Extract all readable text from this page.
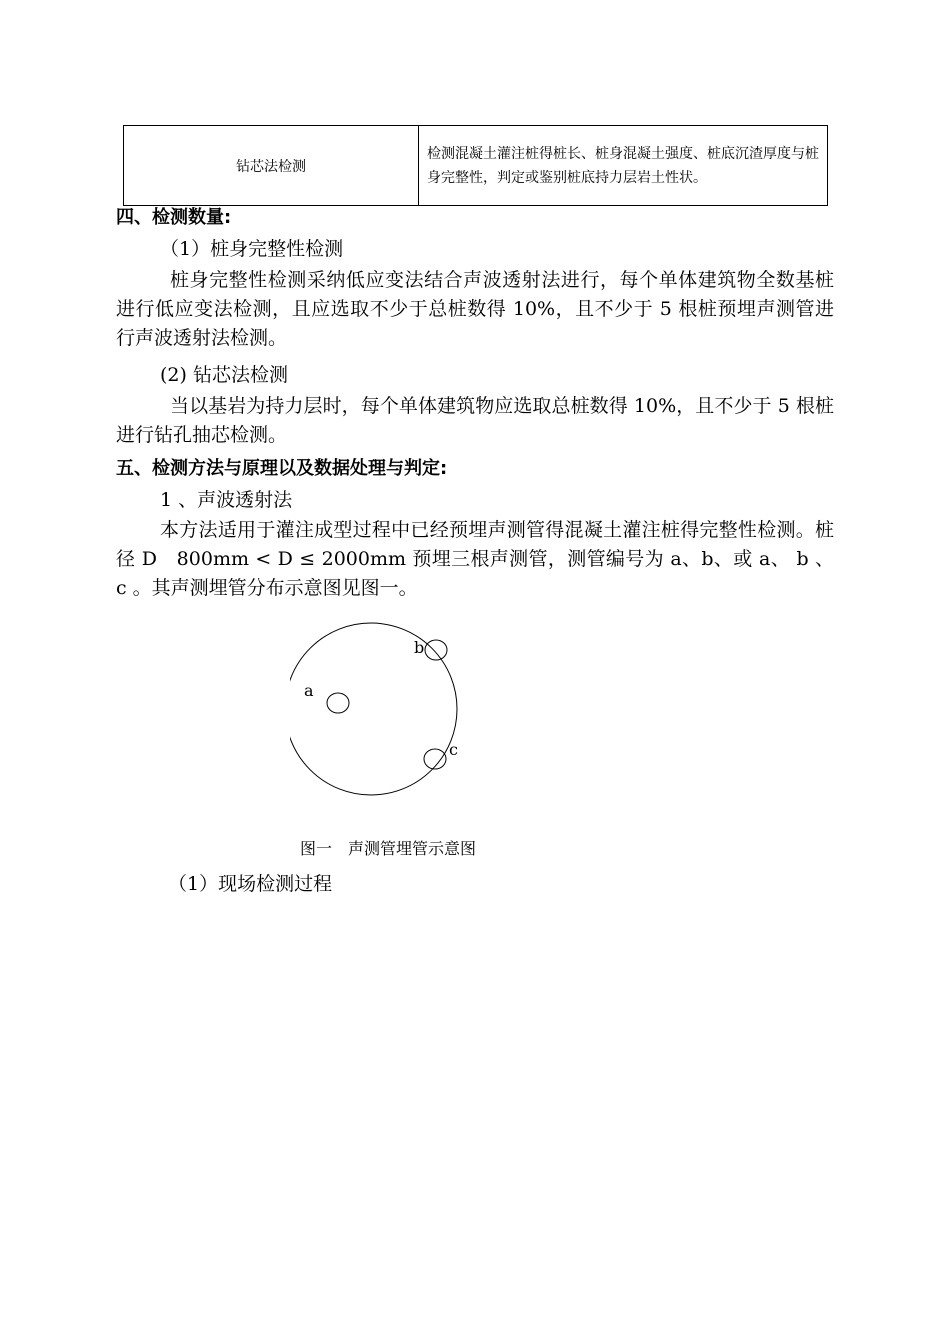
钻芯法检测	检测混凝土灌注桩得桩长、桩身混凝土强度、桩底沉渣厚度与桩身完整性，判定或鉴别桩底持力层岩土性状。
四、检测数量:
（1）桩身完整性检测
桩身完整性检测采纳低应变法结合声波透射法进行，每个单体建筑物全数基桩进行低应变法检测，且应选取不少于总桩数得 10%，且不少于 5 根桩预埋声测管进行声波透射法检测。
(2) 钻芯法检测
当以基岩为持力层时，每个单体建筑物应选取总桩数得 10%，且不少于 5 根桩进行钻孔抽芯检测。
五、检测方法与原理以及数据处理与判定:
1 、声波透射法
本方法适用于灌注成型过程中已经预埋声测管得混凝土灌注桩得完整性检测。桩径 D　800mm < D ≤ 2000mm 预埋三根声测管，测管编号为 a、b、或 a、 b 、 c 。其声测埋管分布示意图见图一。
b
a
c
图一　声测管埋管示意图
（1）现场检测过程
